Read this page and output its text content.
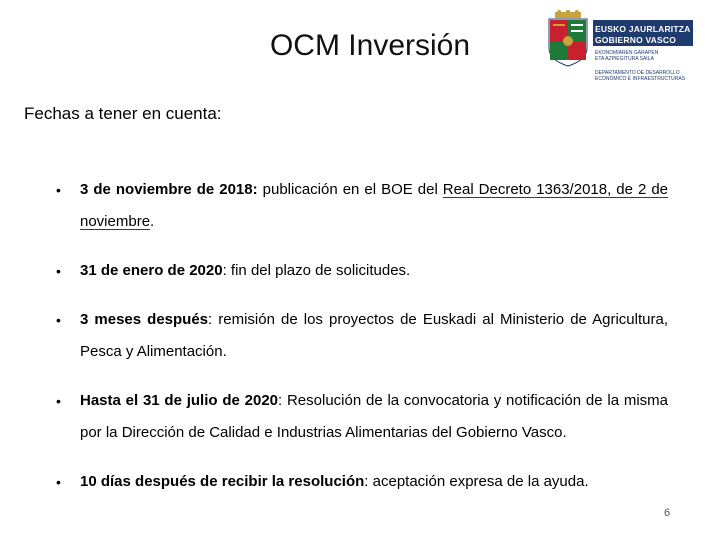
OCM Inversión	EUSKO JAURLARITZA
GOBIERNO VASCO
EKONOMIAREN GARAPEN
ETA AZPIEGITURA SAILA
DEPARTAMENTO DE DESARROLLO
ECONÓMICO E INFRAESTRUCTURAS
Fechas a tener en cuenta:
• 3 de noviembre de 2018: publicación en el BOE del Real Decreto 1363/2018, de 2 de noviembre.
• 31 de enero de 2020: fin del plazo de solicitudes.
• 3 meses después: remisión de los proyectos de Euskadi al Ministerio de Agricultura, Pesca y Alimentación.
• Hasta el 31 de julio de 2020: Resolución de la convocatoria y notificación de la misma por la Dirección de Calidad e Industrias Alimentarias del Gobierno Vasco.
• 10 días después de recibir la resolución: aceptación expresa de la ayuda.
6
